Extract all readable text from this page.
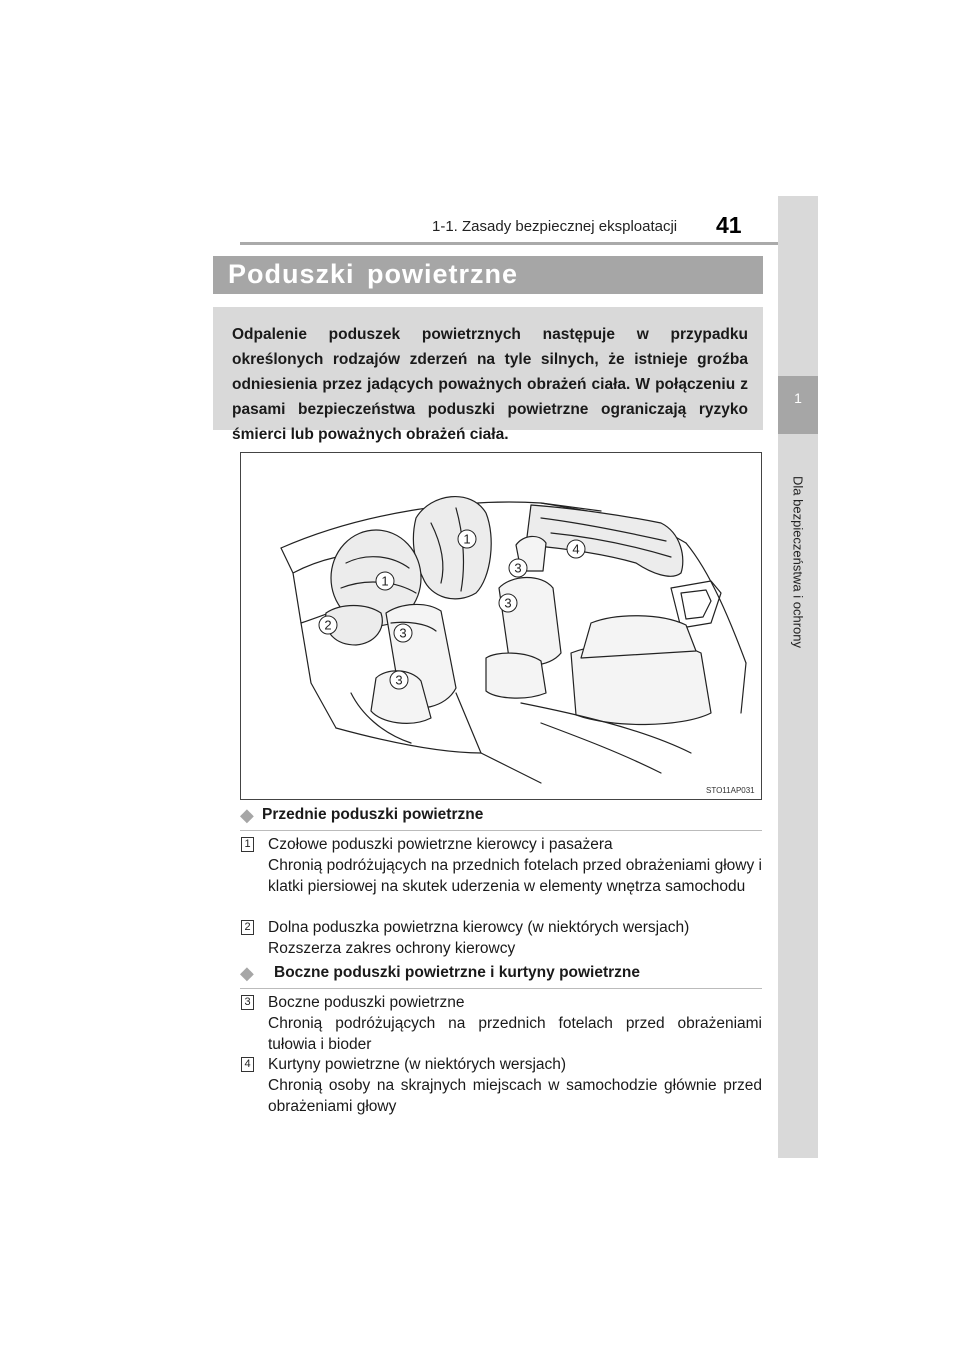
1-1. Zasady bezpiecznej eksploatacji 41
1
Dla bezpieczeństwa i ochrony
Poduszki powietrzne
Odpalenie poduszek powietrznych następuje w przypadku określonych rodzajów zderzeń na tyle silnych, że istnieje groźba odniesienia przez jadących poważnych obrażeń ciała. W połączeniu z pasami bezpieczeństwa poduszki powietrzne ograniczają ryzyko śmierci lub poważnych obrażeń ciała.
1
1
2
3
3
3
3
4
STO11AP031
◆ Przednie poduszki powietrzne
1 Czołowe poduszki powietrzne kierowcy i pasażera
Chronią podróżujących na przednich fotelach przed obrażeniami głowy i klatki piersiowej na skutek uderzenia w elementy wnętrza samochodu
2 Dolna poduszka powietrzna kierowcy (w niektórych wersjach)
Rozszerza zakres ochrony kierowcy
◆ Boczne poduszki powietrzne i kurtyny powietrzne
3 Boczne poduszki powietrzne
Chronią podróżujących na przednich fotelach przed obrażeniami tułowia i bioder
4 Kurtyny powietrzne (w niektórych wersjach)
Chronią osoby na skrajnych miejscach w samochodzie głównie przed obrażeniami głowy
